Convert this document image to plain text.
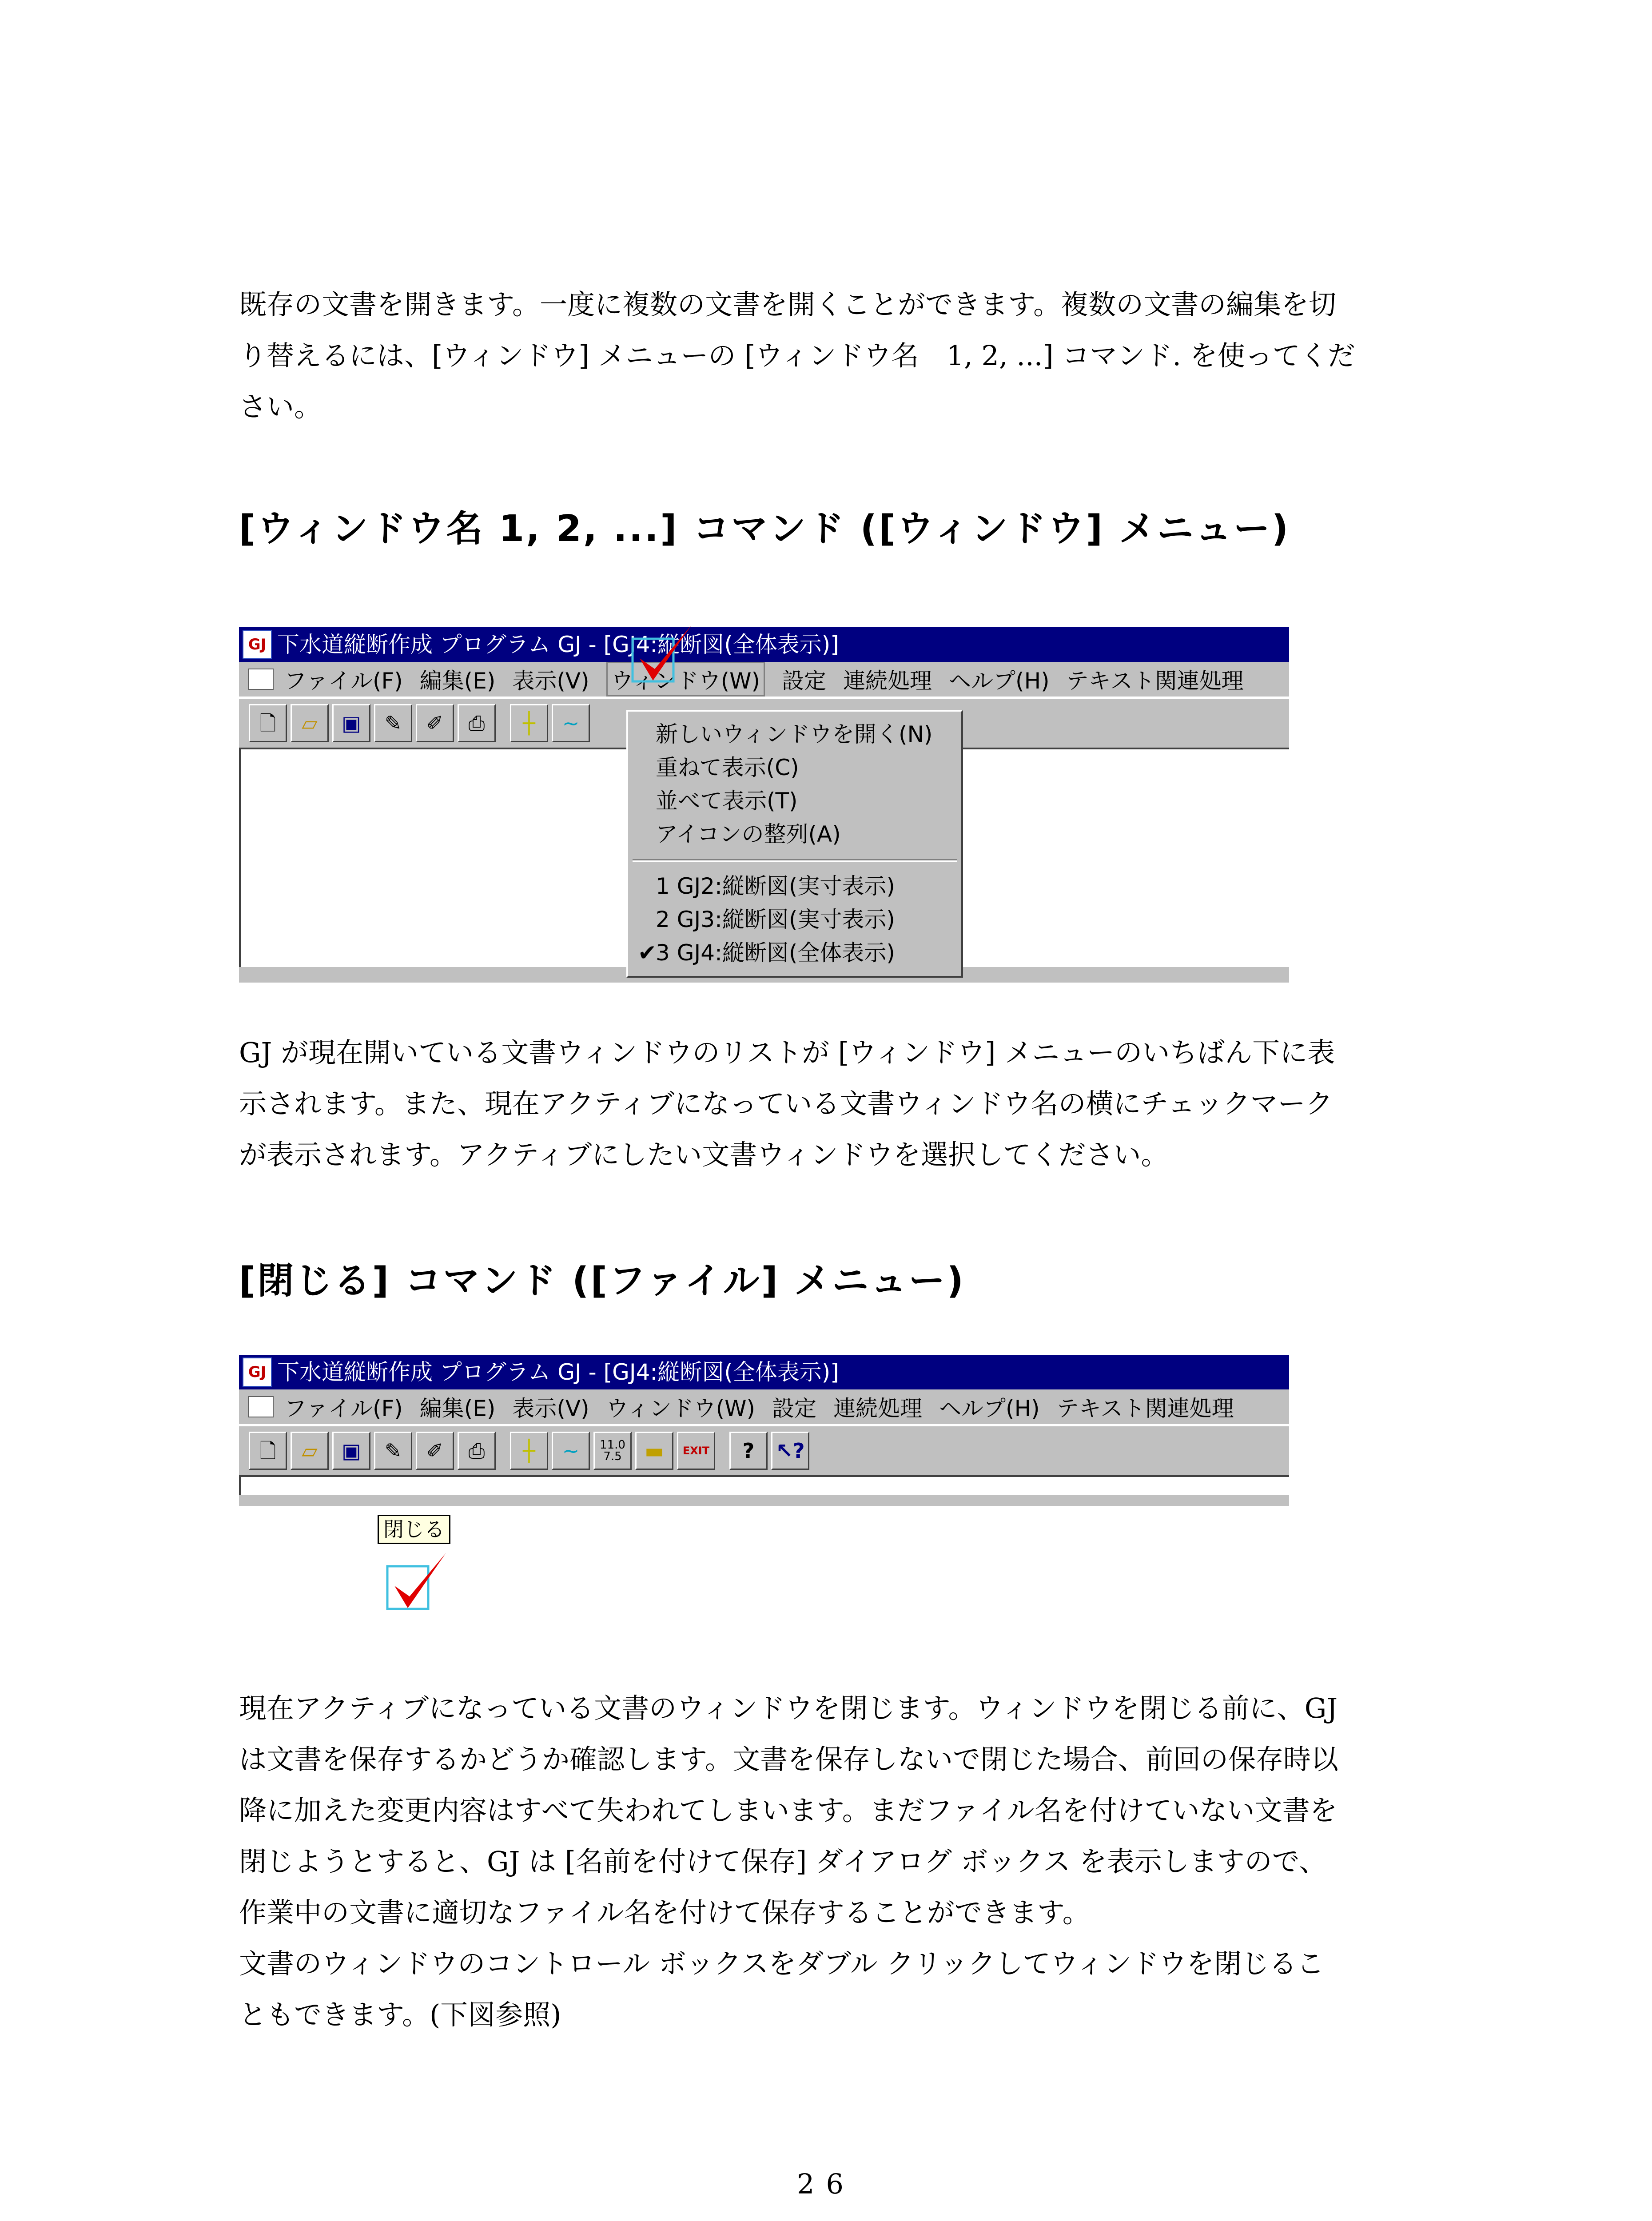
既存の文書を開きます。一度に複数の文書を開くことができます。複数の文書の編集を切
り替えるには、[ウィンドウ] メニューの [ウィンドウ名　1, 2, ...] コマンド. を使ってくだ
さい。
[ウィンドウ名 1, 2, ...] コマンド ([ウィンドウ] メニュー)
GJ 下水道縦断作成 プログラム GJ - [GJ4:縦断図(全体表示)]
ファイル(F) 編集(E) 表示(V) ウィンドウ(W) 設定 連続処理 ヘルプ(H) テキスト関連処理
🗋	▱	▣	✎	✐	⎙	┼	∼	新しいウィンドウを開く(N)
重ねて表示(C)
並べて表示(T)
アイコンの整列(A)
1 GJ2:縦断図(実寸表示)
2 GJ3:縦断図(実寸表示)
✔
3 GJ4:縦断図(全体表示)
GJ が現在開いている文書ウィンドウのリストが [ウィンドウ] メニューのいちばん下に表
示されます。また、現在アクティブになっている文書ウィンドウ名の横にチェックマーク
が表示されます。アクティブにしたい文書ウィンドウを選択してください。
[閉じる] コマンド ([ファイル] メニュー)
GJ 下水道縦断作成 プログラム GJ - [GJ4:縦断図(全体表示)]
ファイル(F) 編集(E) 表示(V) ウィンドウ(W) 設定 連続処理 ヘルプ(H) テキスト関連処理
🗋	▱	▣	✎	✐	⎙	┼	∼	11.0 7.5	▬	EXIT	?	↖?
閉じる
現在アクティブになっている文書のウィンドウを閉じます。ウィンドウを閉じる前に、GJ
は文書を保存するかどうか確認します。文書を保存しないで閉じた場合、前回の保存時以
降に加えた変更内容はすべて失われてしまいます。まだファイル名を付けていない文書を
閉じようとすると、GJ は [名前を付けて保存] ダイアログ ボックス を表示しますので、
作業中の文書に適切なファイル名を付けて保存することができます。
文書のウィンドウのコントロール ボックスをダブル クリックしてウィンドウを閉じるこ
ともできます。(下図参照)
26
